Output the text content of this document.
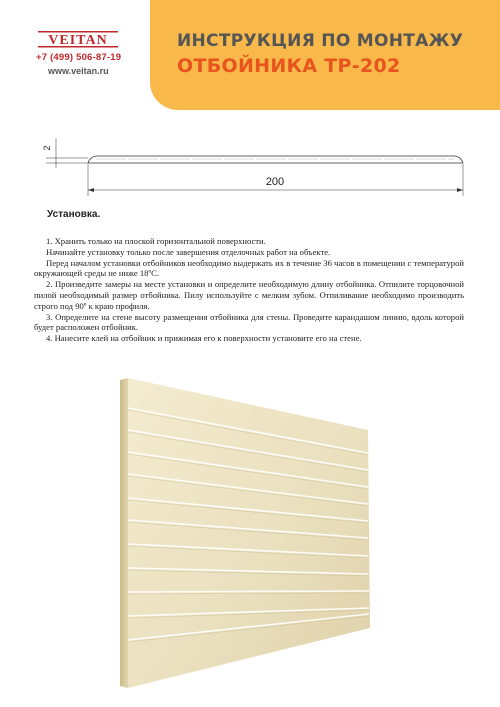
VEITAN
+7 (499) 506-87-19
www.veitan.ru
ИНСТРУКЦИЯ ПО МОНТАЖУ
ОТБОЙНИКА ТР-202
2
200
Установка.

1. Хранить только на плоской горизонтальной поверхности.

Начинайте установку только после завершения отделочных работ на объекте.

Перед началом установки отбойников необходимо выдержать их в течение 36 часов в помещении с температурой окружающей среды не ниже 18ºС.

2. Произведите замеры на месте установки и определите необходимую длину отбойника. Отпилите торцовочной пилой необходимый размер отбойника. Пилу используйте с мелким зубом. Отпиливание необходимо производить строго под 90º к краю профиля.

3. Определите на стене высоту размещения отбойника для стены. Проведите карандашом линию, вдоль которой будет расположен отбойник.

4. Нанесите клей на отбойник и прижимая его к поверхности установите его на стене.
